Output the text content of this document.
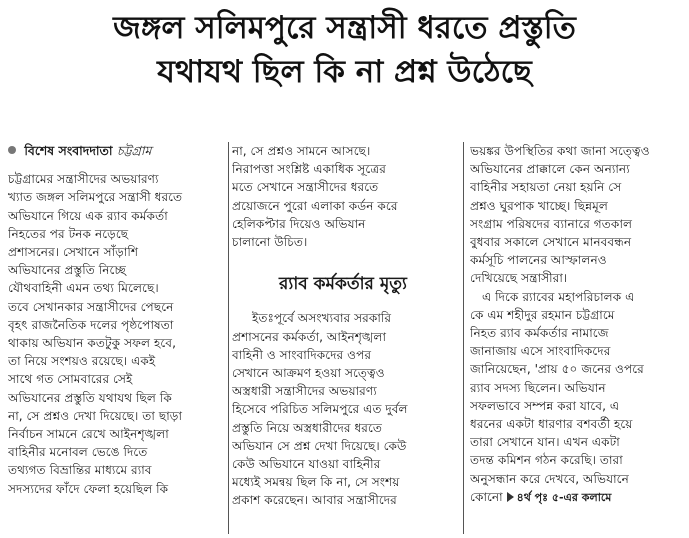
জঙ্গল সলিমপুরে সন্ত্রাসী ধরতে প্রস্তুতি
যথাযথ ছিল কি না প্রশ্ন উঠেছে
বিশেষ সংবাদদাতা চট্টগ্রাম

চট্টগ্রামের সন্ত্রাসীদের অভয়ারণ্য
খ্যাত জঙ্গল সলিমপুরে সন্ত্রাসী ধরতে
অভিযানে গিয়ে এক র‌্যাব কর্মকর্তা
নিহতের পর টনক নড়েছে
প্রশাসনের। সেখানে সাঁড়াশি
অভিযানের প্রস্তুতি নিচ্ছে
যৌথবাহিনী এমন তথ্য মিলেছে।
তবে সেখানকার সন্ত্রাসীদের পেছনে
বৃহৎ রাজনৈতিক দলের পৃষ্ঠপোষতা
থাকায় অভিযান কতটুকু সফল হবে,
তা নিয়ে সংশয়ও রয়েছে। একই
সাথে গত সোমবারের সেই
অভিযানের প্রস্তুতি যথাযথ ছিল কি
না, সে প্রশ্নও দেখা দিয়েছে। তা ছাড়া
নির্বাচন সামনে রেখে আইনশৃঙ্খলা
বাহিনীর মনোবল ভেঙে দিতে
তথ্যগত বিভ্রান্তির মাধ্যমে র‌্যাব
সদস্যদের ফাঁদে ফেলা হয়েছিল কি

না, সে প্রশ্নও সামনে আসছে।
নিরাপত্তা সংশ্লিষ্ট একাধিক সূত্রের
মতে সেখানে সন্ত্রাসীদের ধরতে
প্রয়োজনে পুরো এলাকা কর্ডন করে
হেলিকপ্টার দিয়েও অভিযান
চালানো উচিত।

র‌্যাব কর্মকর্তার মৃত্যু

ইতঃপূর্বে অসংখ্যবার সরকারি
প্রশাসনের কর্মকর্তা, আইনশৃঙ্খলা
বাহিনী ও সাংবাদিকদের ওপর
সেখানে আক্রমণ হওয়া সত্ত্বেও
অস্ত্রধারী সন্ত্রাসীদের অভয়ারণ্য
হিসেবে পরিচিত সলিমপুরে এত দুর্বল
প্রস্তুতি নিয়ে অস্ত্রধারীদের ধরতে
অভিযান সে প্রশ্ন দেখা দিয়েছে। কেউ
কেউ অভিযানে যাওয়া বাহিনীর
মধ্যেই সমন্বয় ছিল কি না, সে সংশয়
প্রকাশ করেছেন। আবার সন্ত্রাসীদের

ভয়ঙ্কর উপস্থিতির কথা জানা সত্ত্বেও
অভিযানের প্রাক্কালে কেন অন্যান্য
বাহিনীর সহায়তা নেয়া হয়নি সে
প্রশ্নও ঘুরপাক খাচ্ছে। ছিন্নমূল
সংগ্রাম পরিষদের ব্যানারে গতকাল
বুধবার সকালে সেখানে মানববন্ধন
কর্মসূচি পালনের আস্ফালনও
দেখিয়েছে সন্ত্রাসীরা।

এ দিকে র‌্যাবের মহাপরিচালক এ
কে এম শহীদুর রহমান চট্টগ্রামে
নিহত র‌্যাব কর্মকর্তার নামাজে
জানাজায় এসে সাংবাদিকদের
জানিয়েছেন, 'প্রায় ৫০ জনের ওপরে
র‌্যাব সদস্য ছিলেন। অভিযান
সফলভাবে সম্পন্ন করা যাবে, এ
ধরনের একটা ধারণার বশবর্তী হয়ে
তারা সেখানে যান। এখন একটা
তদন্ত কমিশন গঠন করেছি। তারা
অনুসন্ধান করে দেখবে, অভিযানে
কোনো ৪র্থ পৃঃ ৫-এর কলামে
